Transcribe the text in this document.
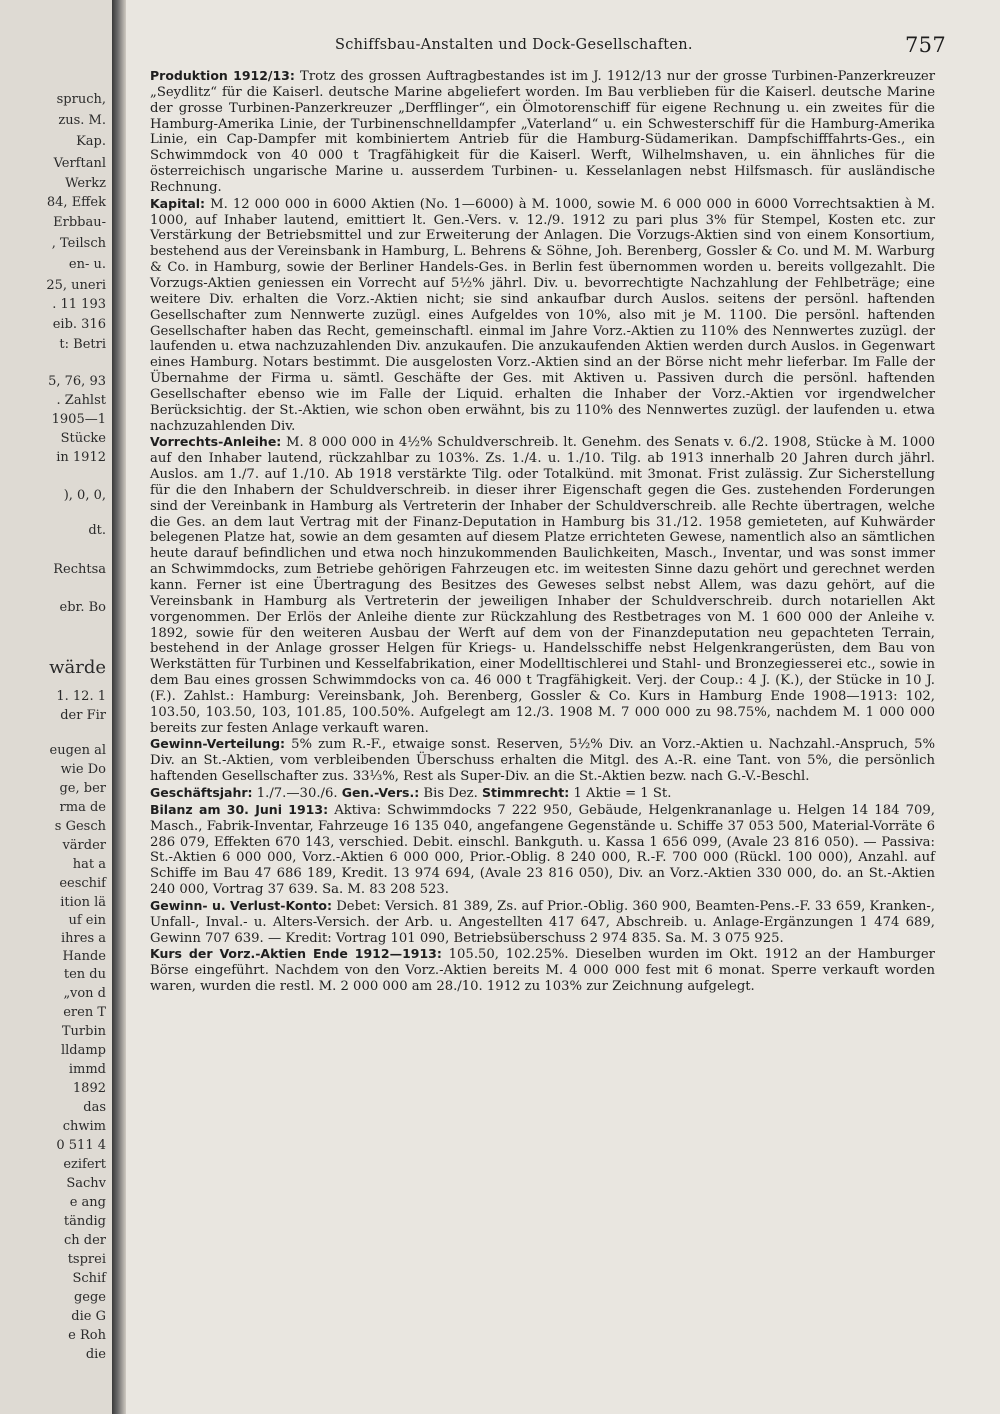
spruch,
zus. M.
Kap.
Verftanl
Werkz
84, Effek
Erbbau-
, Teilsch
en- u.
25, uneri
. 11 193
eib. 316
t: Betri
5, 76, 93
. Zahlst
1905—1
Stücke
in 1912
), 0, 0,
dt.
Rechtsa
ebr. Bo
wärde
1. 12. 1
der Fir
eugen al
wie Do
ge, ber
rma de
s Gesch
värder
hat a
eeschif
ition lä
uf ein
ihres a
Hande
ten du
„von d
eren T
Turbin
lldamp
immd
1892
das
chwim
0 511 4
ezifert
Sachv
e ang
tändig
ch der
tsprei
Schif
gege
die G
e Roh
die
Schiffsbau-Anstalten und Dock-Gesellschaften.	757

Produktion 1912/13: Trotz des grossen Auftragbestandes ist im J. 1912/13 nur der grosse Turbinen-Panzerkreuzer „Seydlitz“ für die Kaiserl. deutsche Marine abgeliefert worden. Im Bau verblieben für die Kaiserl. deutsche Marine der grosse Turbinen-Panzerkreuzer „Derfflinger“, ein Ölmotorenschiff für eigene Rechnung u. ein zweites für die Hamburg-Amerika Linie, der Turbinenschnelldampfer „Vaterland“ u. ein Schwesterschiff für die Hamburg-Amerika Linie, ein Cap-Dampfer mit kombiniertem Antrieb für die Hamburg-Südamerikan. Dampfschifffahrts-Ges., ein Schwimmdock von 40 000 t Tragfähigkeit für die Kaiserl. Werft, Wilhelmshaven, u. ein ähnliches für die österreichisch ungarische Marine u. ausserdem Turbinen- u. Kesselanlagen nebst Hilfsmasch. für ausländische Rechnung.

Kapital: M. 12 000 000 in 6000 Aktien (No. 1—6000) à M. 1000, sowie M. 6 000 000 in 6000 Vorrechtsaktien à M. 1000, auf Inhaber lautend, emittiert lt. Gen.-Vers. v. 12./9. 1912 zu pari plus 3% für Stempel, Kosten etc. zur Verstärkung der Betriebsmittel und zur Erweiterung der Anlagen. Die Vorzugs-Aktien sind von einem Konsortium, bestehend aus der Vereinsbank in Hamburg, L. Behrens & Söhne, Joh. Berenberg, Gossler & Co. und M. M. Warburg & Co. in Hamburg, sowie der Berliner Handels-Ges. in Berlin fest übernommen worden u. bereits vollgezahlt. Die Vorzugs-Aktien geniessen ein Vorrecht auf 5½% jährl. Div. u. bevorrechtigte Nachzahlung der Fehlbeträge; eine weitere Div. erhalten die Vorz.-Aktien nicht; sie sind ankaufbar durch Auslos. seitens der persönl. haftenden Gesellschafter zum Nennwerte zuzügl. eines Aufgeldes von 10%, also mit je M. 1100. Die persönl. haftenden Gesellschafter haben das Recht, gemeinschaftl. einmal im Jahre Vorz.-Aktien zu 110% des Nennwertes zuzügl. der laufenden u. etwa nachzuzahlenden Div. anzukaufen. Die anzukaufenden Aktien werden durch Auslos. in Gegenwart eines Hamburg. Notars bestimmt. Die ausgelosten Vorz.-Aktien sind an der Börse nicht mehr lieferbar. Im Falle der Übernahme der Firma u. sämtl. Geschäfte der Ges. mit Aktiven u. Passiven durch die persönl. haftenden Gesellschafter ebenso wie im Falle der Liquid. erhalten die Inhaber der Vorz.-Aktien vor irgendwelcher Berücksichtig. der St.-Aktien, wie schon oben erwähnt, bis zu 110% des Nennwertes zuzügl. der laufenden u. etwa nachzuzahlenden Div.

Vorrechts-Anleihe: M. 8 000 000 in 4½% Schuldverschreib. lt. Genehm. des Senats v. 6./2. 1908, Stücke à M. 1000 auf den Inhaber lautend, rückzahlbar zu 103%. Zs. 1./4. u. 1./10. Tilg. ab 1913 innerhalb 20 Jahren durch jährl. Auslos. am 1./7. auf 1./10. Ab 1918 verstärkte Tilg. oder Totalkünd. mit 3monat. Frist zulässig. Zur Sicherstellung für die den Inhabern der Schuldverschreib. in dieser ihrer Eigenschaft gegen die Ges. zustehenden Forderungen sind der Vereinbank in Hamburg als Vertreterin der Inhaber der Schuldverschreib. alle Rechte übertragen, welche die Ges. an dem laut Vertrag mit der Finanz-Deputation in Hamburg bis 31./12. 1958 gemieteten, auf Kuhwärder belegenen Platze hat, sowie an dem gesamten auf diesem Platze errichteten Gewese, namentlich also an sämtlichen heute darauf befindlichen und etwa noch hinzukommenden Baulichkeiten, Masch., Inventar, und was sonst immer an Schwimmdocks, zum Betriebe gehörigen Fahrzeugen etc. im weitesten Sinne dazu gehört und gerechnet werden kann. Ferner ist eine Übertragung des Besitzes des Geweses selbst nebst Allem, was dazu gehört, auf die Vereinsbank in Hamburg als Vertreterin der jeweiligen Inhaber der Schuldverschreib. durch notariellen Akt vorgenommen. Der Erlös der Anleihe diente zur Rückzahlung des Restbetrages von M. 1 600 000 der Anleihe v. 1892, sowie für den weiteren Ausbau der Werft auf dem von der Finanzdeputation neu gepachteten Terrain, bestehend in der Anlage grosser Helgen für Kriegs- u. Handelsschiffe nebst Helgenkrangerüsten, dem Bau von Werkstätten für Turbinen und Kesselfabrikation, einer Modelltischlerei und Stahl- und Bronzegiesserei etc., sowie in dem Bau eines grossen Schwimmdocks von ca. 46 000 t Tragfähigkeit. Verj. der Coup.: 4 J. (K.), der Stücke in 10 J. (F.). Zahlst.: Hamburg: Vereinsbank, Joh. Berenberg, Gossler & Co. Kurs in Hamburg Ende 1908—1913: 102, 103.50, 103.50, 103, 101.85, 100.50%. Aufgelegt am 12./3. 1908 M. 7 000 000 zu 98.75%, nachdem M. 1 000 000 bereits zur festen Anlage verkauft waren.

Gewinn-Verteilung: 5% zum R.-F., etwaige sonst. Reserven, 5½% Div. an Vorz.-Aktien u. Nachzahl.-Anspruch, 5% Div. an St.-Aktien, vom verbleibenden Überschuss erhalten die Mitgl. des A.-R. eine Tant. von 5%, die persönlich haftenden Gesellschafter zus. 33⅓%, Rest als Super-Div. an die St.-Aktien bezw. nach G.-V.-Beschl.

Geschäftsjahr: 1./7.—30./6. Gen.-Vers.: Bis Dez. Stimmrecht: 1 Aktie = 1 St.

Bilanz am 30. Juni 1913: Aktiva: Schwimmdocks 7 222 950, Gebäude, Helgenkrananlage u. Helgen 14 184 709, Masch., Fabrik-Inventar, Fahrzeuge 16 135 040, angefangene Gegenstände u. Schiffe 37 053 500, Material-Vorräte 6 286 079, Effekten 670 143, verschied. Debit. einschl. Bankguth. u. Kassa 1 656 099, (Avale 23 816 050). — Passiva: St.-Aktien 6 000 000, Vorz.-Aktien 6 000 000, Prior.-Oblig. 8 240 000, R.-F. 700 000 (Rückl. 100 000), Anzahl. auf Schiffe im Bau 47 686 189, Kredit. 13 974 694, (Avale 23 816 050), Div. an Vorz.-Aktien 330 000, do. an St.-Aktien 240 000, Vortrag 37 639. Sa. M. 83 208 523.

Gewinn- u. Verlust-Konto: Debet: Versich. 81 389, Zs. auf Prior.-Oblig. 360 900, Beamten-Pens.-F. 33 659, Kranken-, Unfall-, Inval.- u. Alters-Versich. der Arb. u. Angestellten 417 647, Abschreib. u. Anlage-Ergänzungen 1 474 689, Gewinn 707 639. — Kredit: Vortrag 101 090, Betriebsüberschuss 2 974 835. Sa. M. 3 075 925.

Kurs der Vorz.-Aktien Ende 1912—1913: 105.50, 102.25%. Dieselben wurden im Okt. 1912 an der Hamburger Börse eingeführt. Nachdem von den Vorz.-Aktien bereits M. 4 000 000 fest mit 6 monat. Sperre verkauft worden waren, wurden die restl. M. 2 000 000 am 28./10. 1912 zu 103% zur Zeichnung aufgelegt.
